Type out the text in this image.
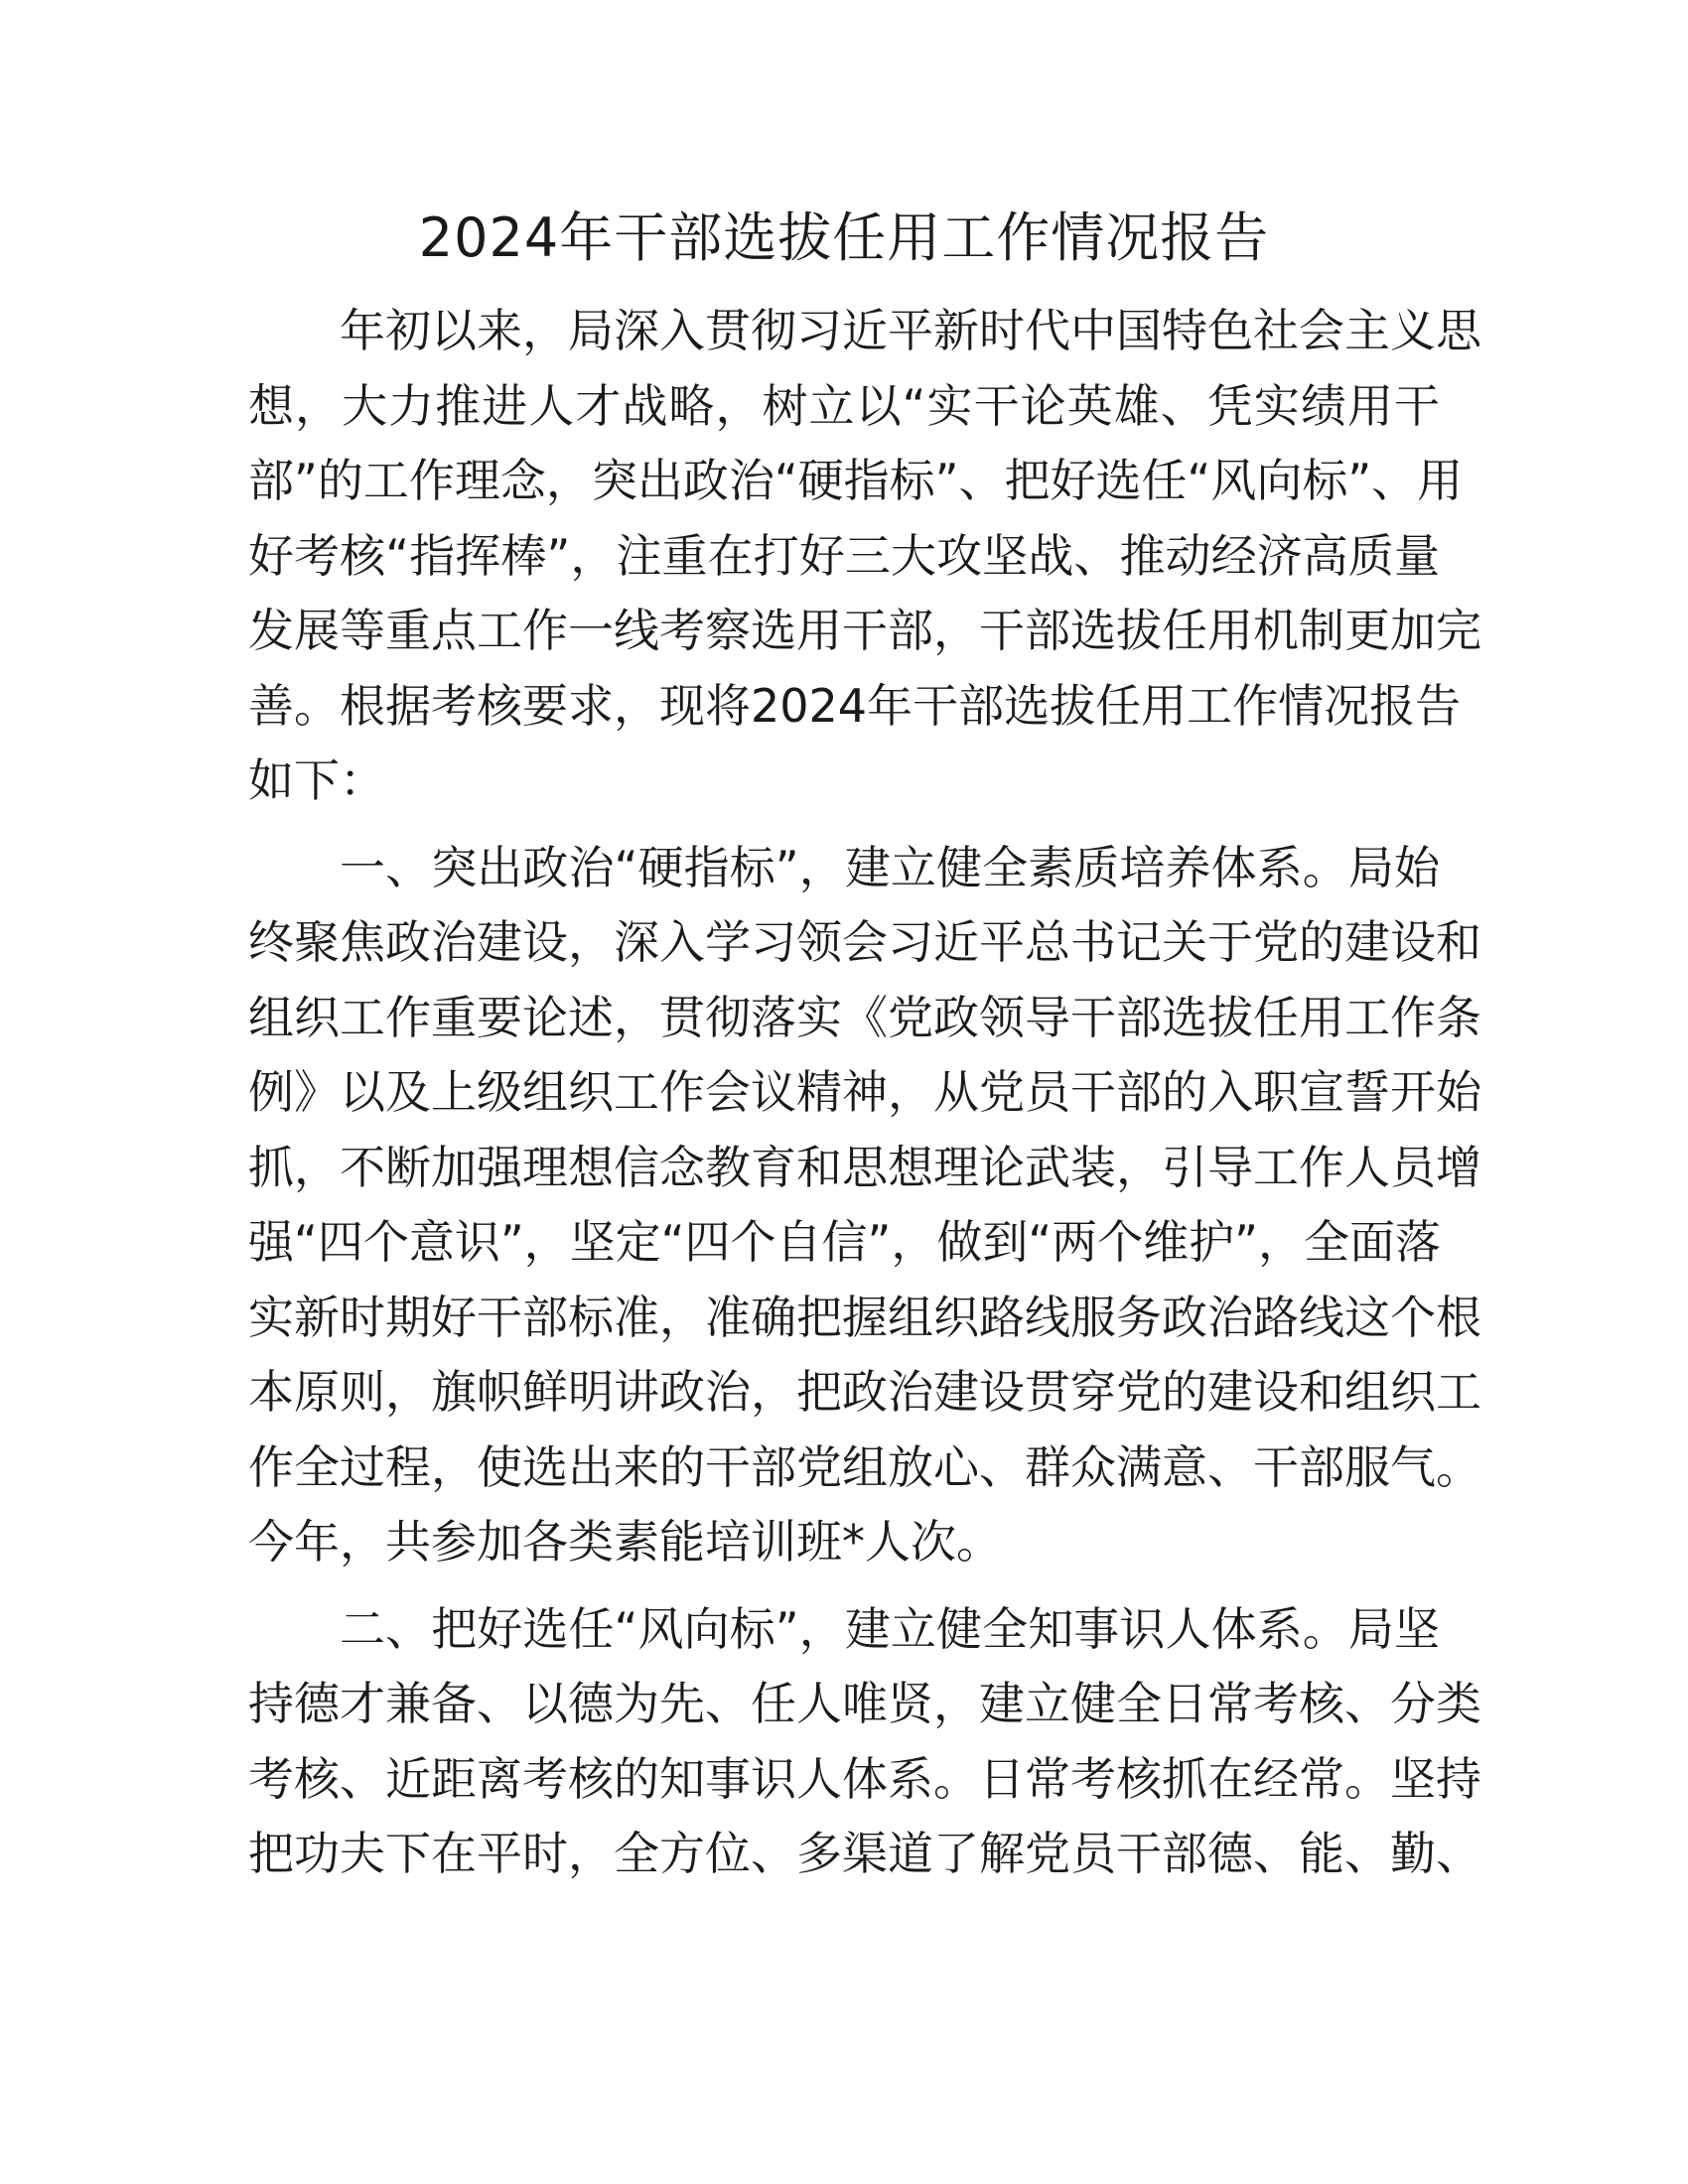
2024年干部选拔任用工作情况报告

年初以来，局深入贯彻习近平新时代中国特色社会主义思
想，大力推进人才战略，树立以“实干论英雄、凭实绩用干
部”的工作理念，突出政治“硬指标”、把好选任“风向标”、用
好考核“指挥棒”，注重在打好三大攻坚战、推动经济高质量
发展等重点工作一线考察选用干部，干部选拔任用机制更加完
善。根据考核要求，现将2024年干部选拔任用工作情况报告
如下：

一、突出政治“硬指标”，建立健全素质培养体系。局始
终聚焦政治建设，深入学习领会习近平总书记关于党的建设和
组织工作重要论述，贯彻落实《党政领导干部选拔任用工作条
例》以及上级组织工作会议精神，从党员干部的入职宣誓开始
抓，不断加强理想信念教育和思想理论武装，引导工作人员增
强“四个意识”，坚定“四个自信”，做到“两个维护”，全面落
实新时期好干部标准，准确把握组织路线服务政治路线这个根
本原则，旗帜鲜明讲政治，把政治建设贯穿党的建设和组织工
作全过程，使选出来的干部党组放心、群众满意、干部服气。
今年，共参加各类素能培训班*人次。

二、把好选任“风向标”，建立健全知事识人体系。局坚
持德才兼备、以德为先、任人唯贤，建立健全日常考核、分类
考核、近距离考核的知事识人体系。日常考核抓在经常。坚持
把功夫下在平时，全方位、多渠道了解党员干部德、能、勤、
